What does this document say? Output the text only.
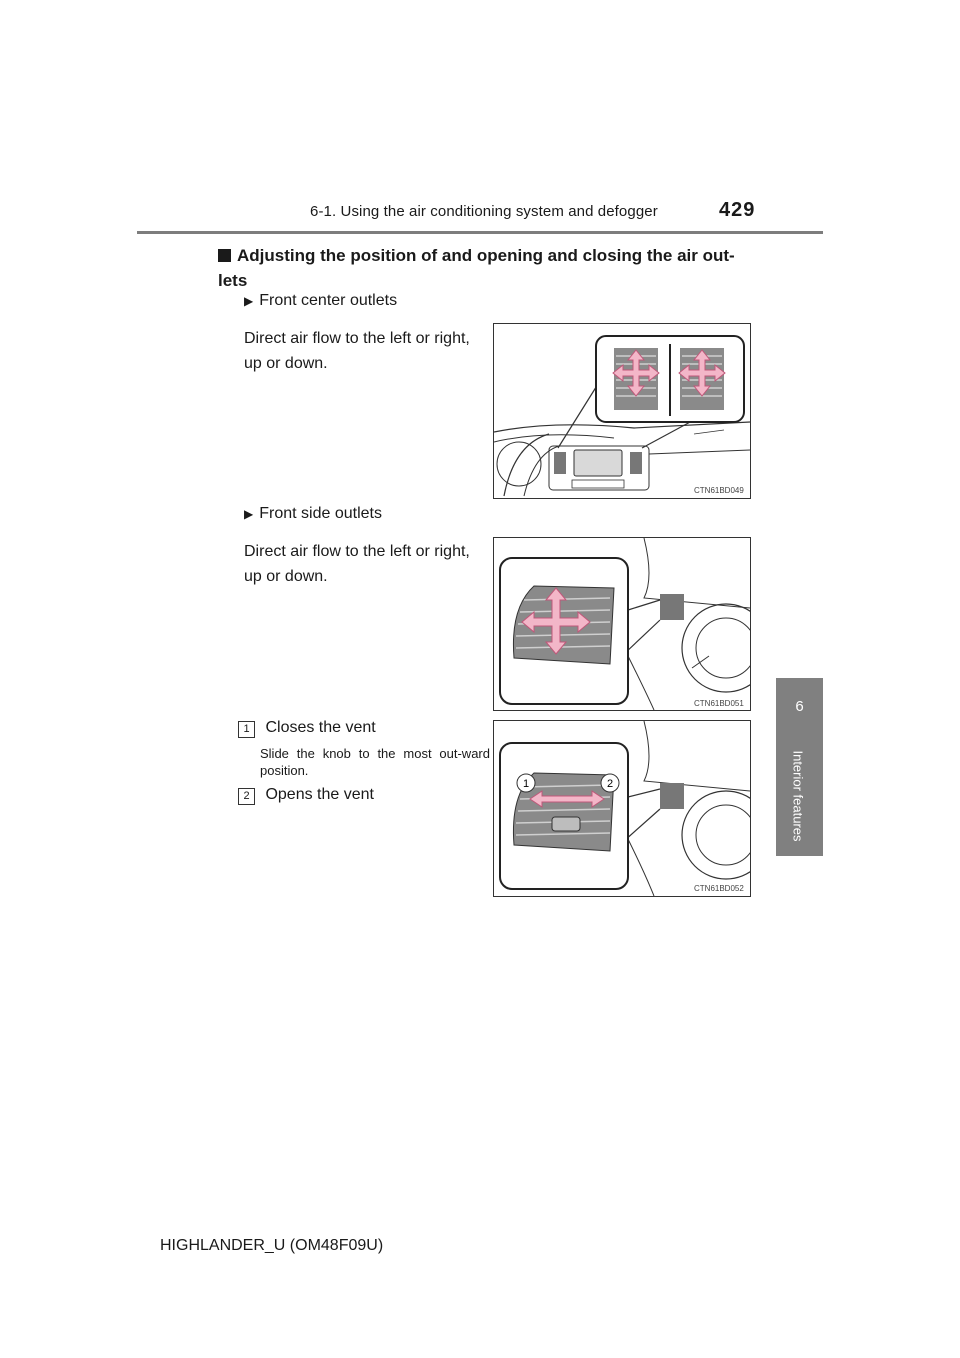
6-1. Using the air conditioning system and defogger	429
6
Interior features
Adjusting the position of and opening and closing the air out-
lets
▶ Front center outlets
Direct air flow to the left or right, up or down.
CTN61BD049
▶ Front side outlets
Direct air flow to the left or right, up or down.
CTN61BD051
1 Closes the vent
Slide the knob to the most out-ward position.
2 Opens the vent
1	2
CTN61BD052
HIGHLANDER_U (OM48F09U)
